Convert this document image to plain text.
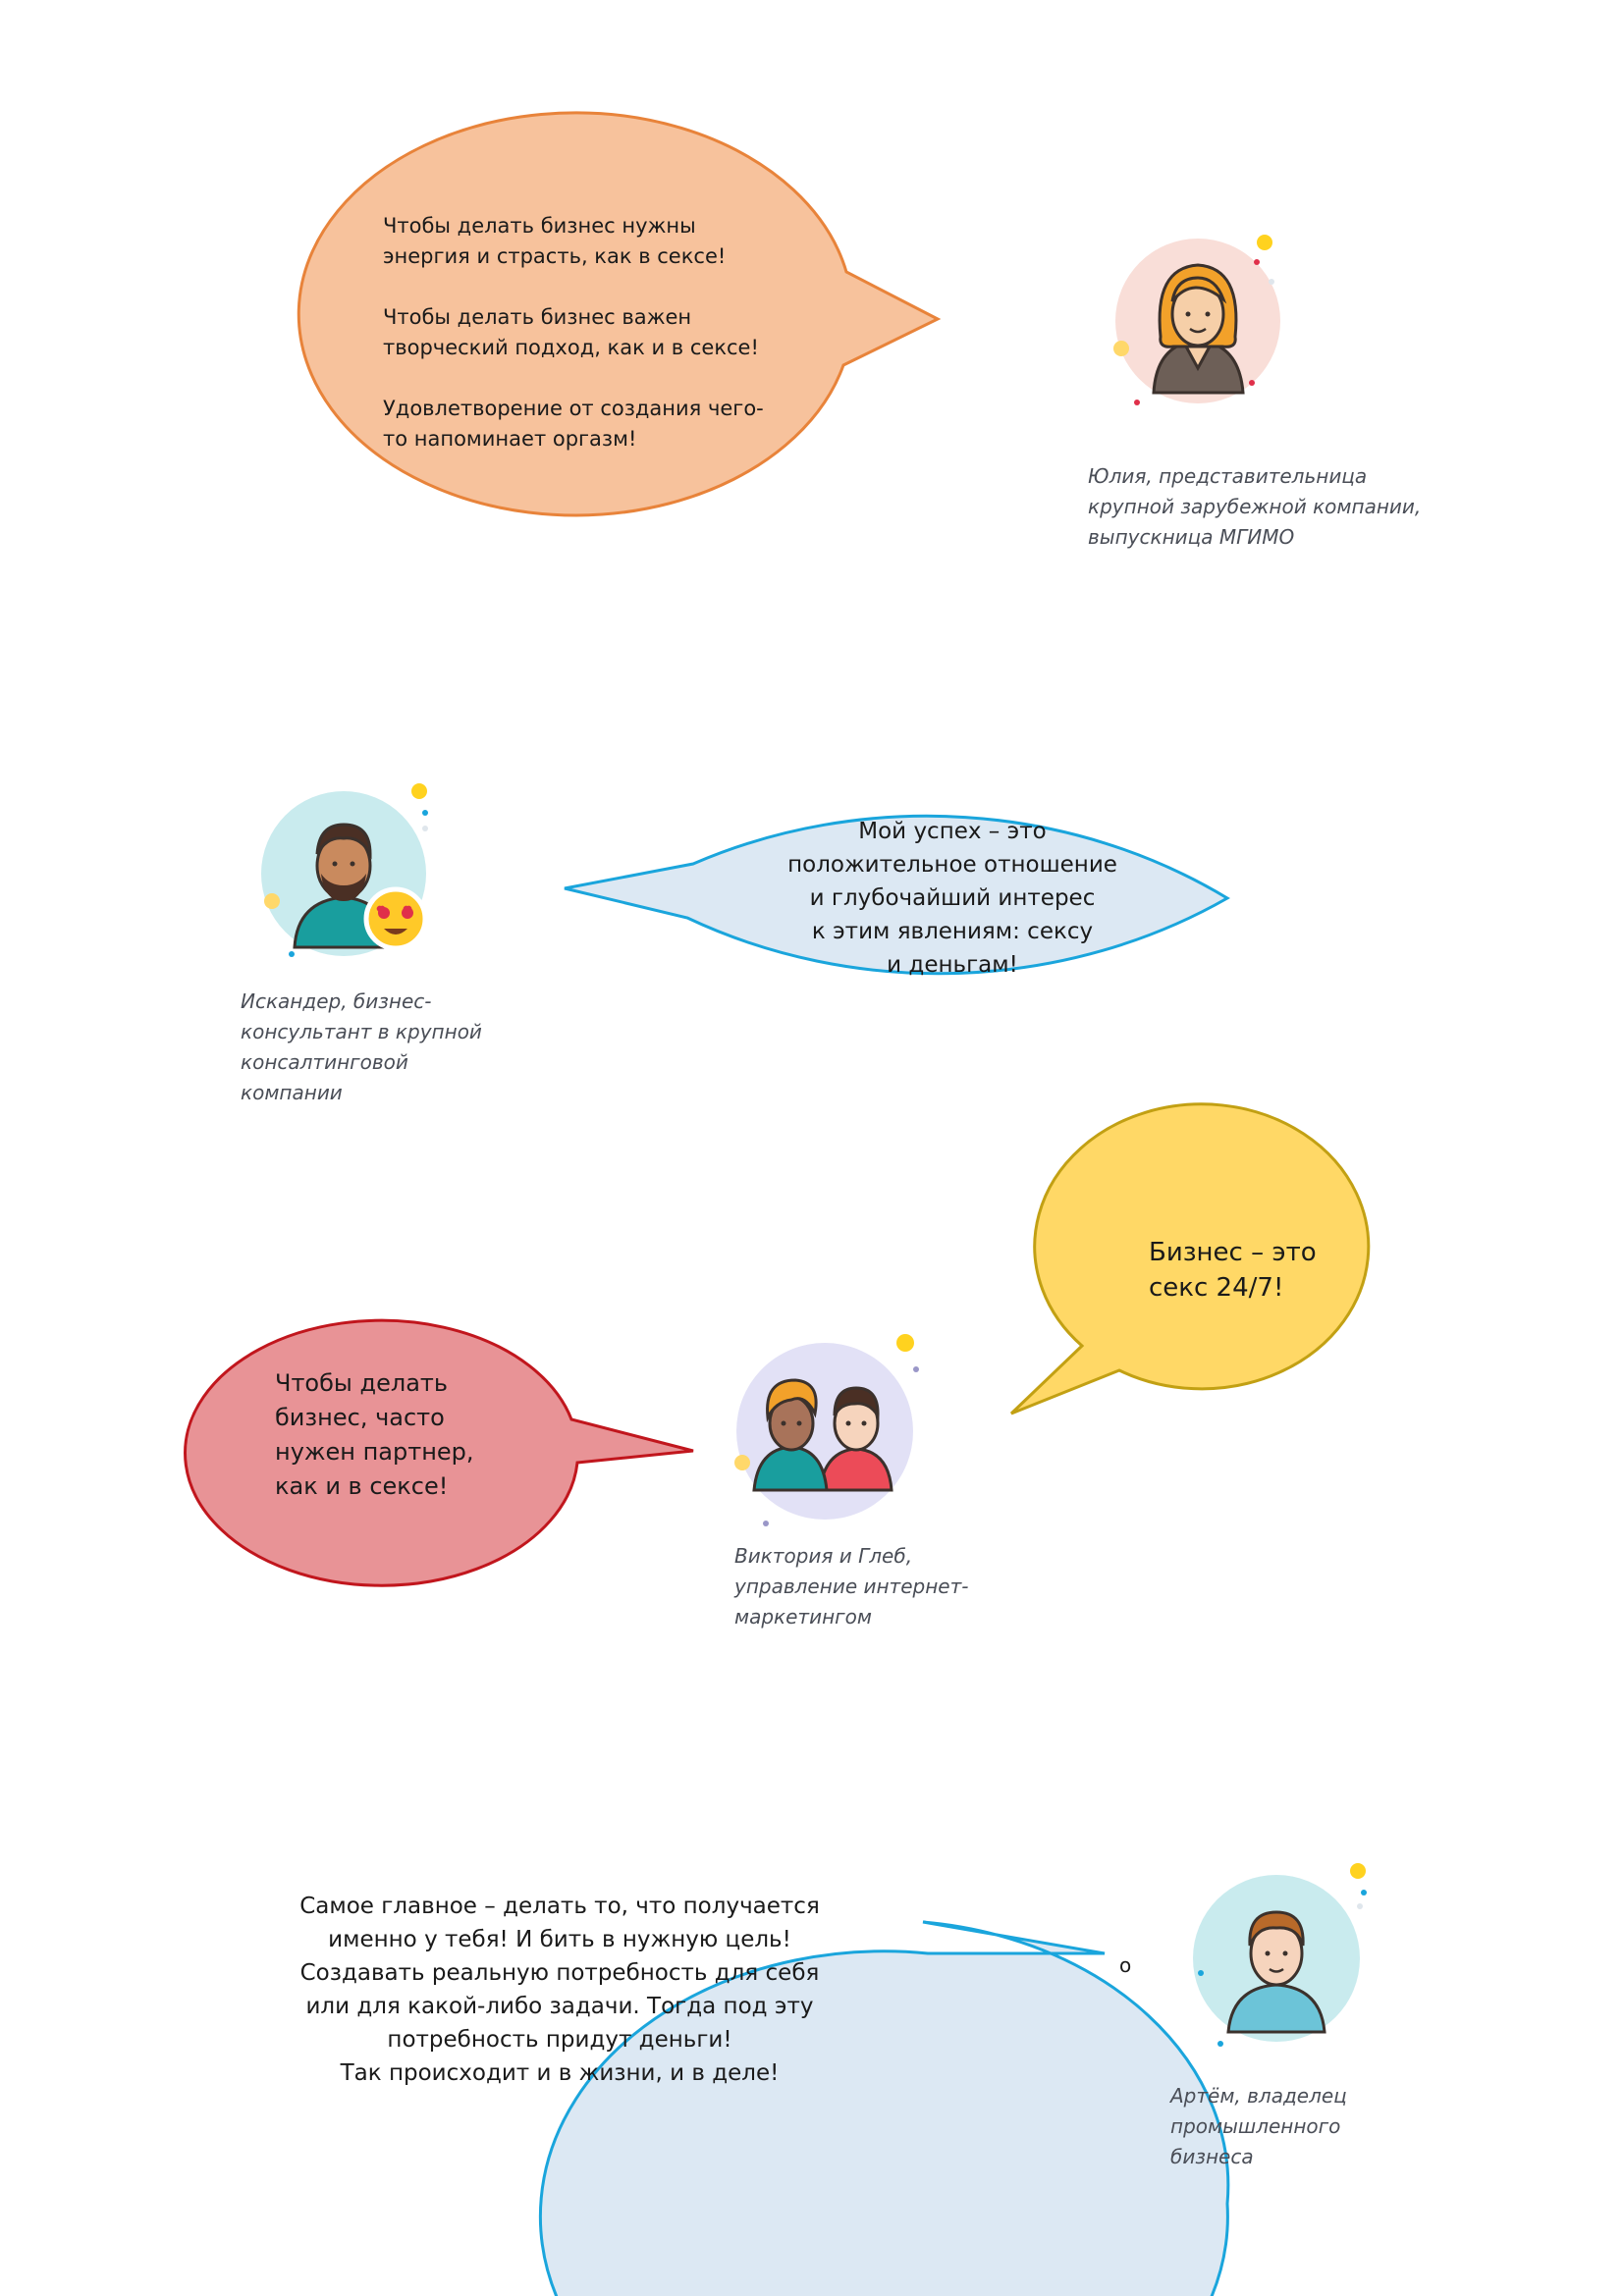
Чтобы делать бизнес нужны
энергия и страсть, как в сексе!

Чтобы делать бизнес важен
творческий подход, как и в сексе!

Удовлетворение от создания чего-
то напоминает оргазм!
Мой успех – это
положительное отношение
и глубочайший интерес
к этим явлениям: сексу
и деньгам!
Чтобы делать
бизнес, часто
нужен партнер,
как и в сексе!
Бизнес – это
секс 24/7!
Самое главное – делать то, что получается
именно у тебя! И бить в нужную цель!
Создавать реальную потребность для себя
или для какой-либо задачи. Тогда под эту
потребность придут деньги!
Так происходит и в жизни, и в деле!
o
Юлия, представительница
крупной зарубежной компании,
выпускница МГИМО
Искандер, бизнес-
консультант в крупной
консалтинговой
компании
Виктория и Глеб,
управление интернет-
маркетингом
Артём, владелец
промышленного
бизнеса
